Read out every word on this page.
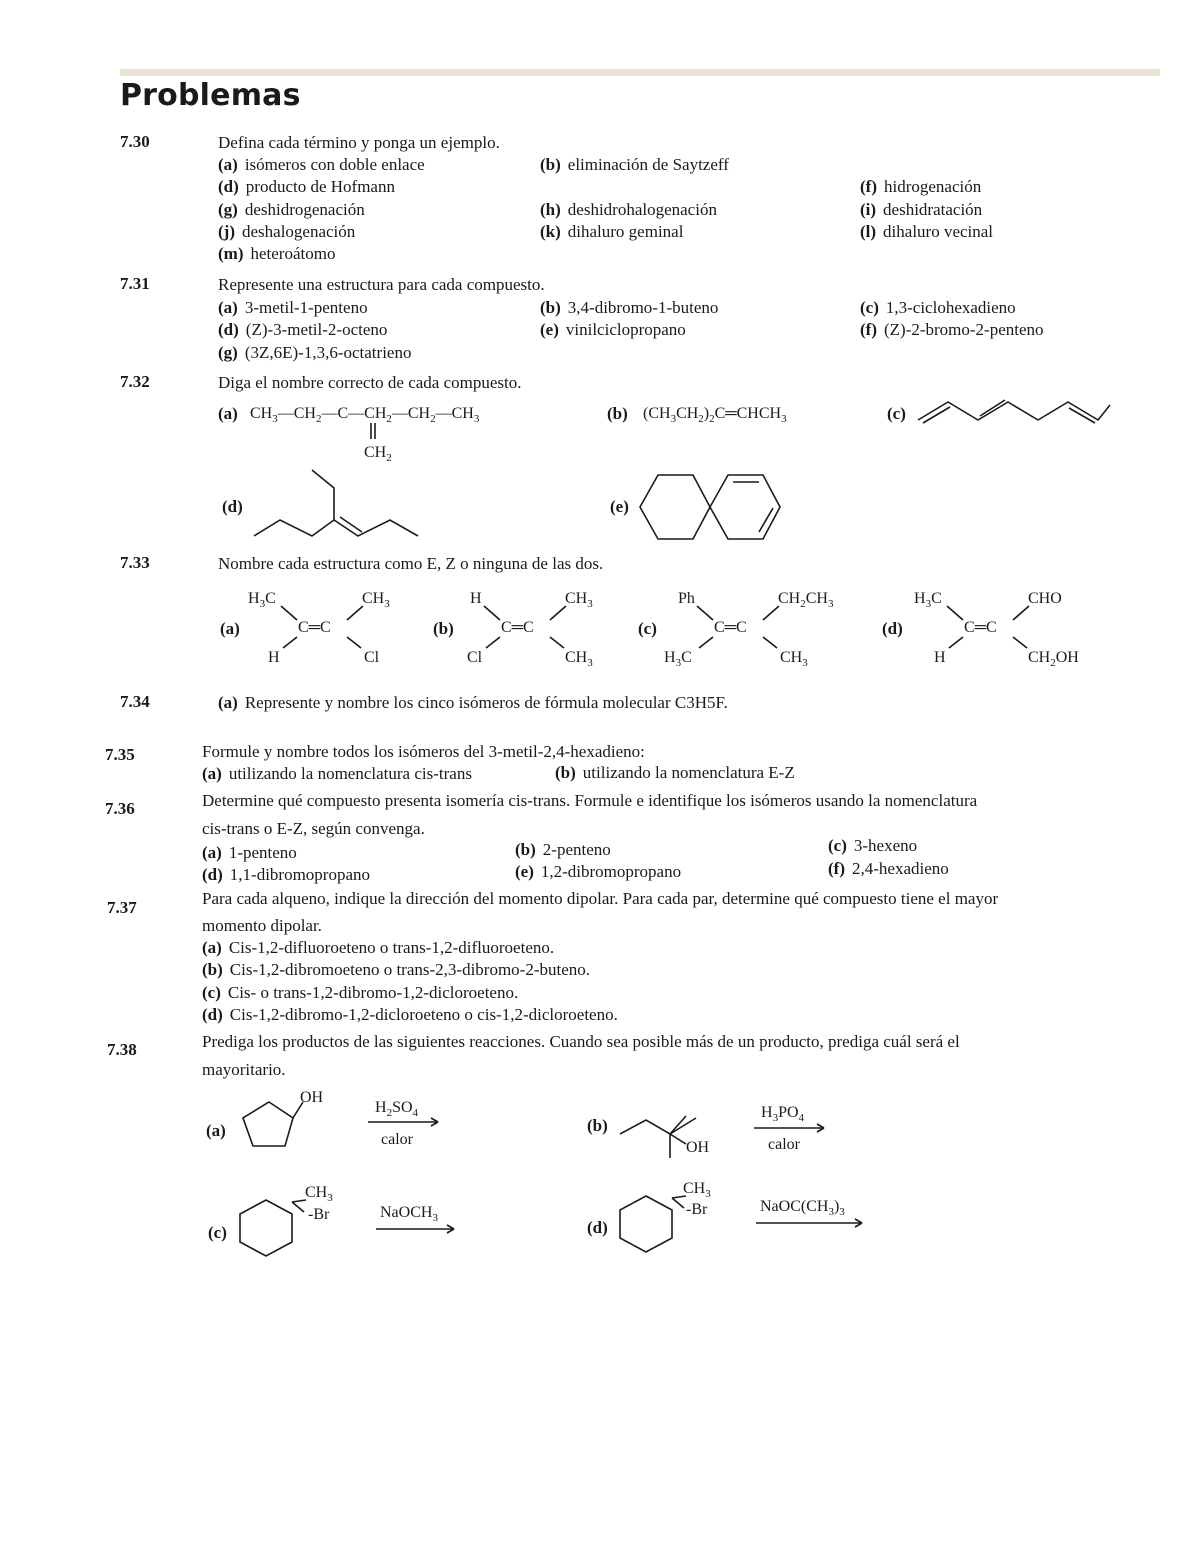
Problemas
7.30	Defina cada término y ponga un ejemplo.
(a) isómeros con doble enlace	(b) eliminación de Saytzeff
(d) producto de Hofmann	(f) hidrogenación
(g) deshidrogenación	(h) deshidrohalogenación	(i) deshidratación
(j) deshalogenación	(k) dihaluro geminal	(l) dihaluro vecinal
(m) heteroátomo
7.31	Represente una estructura para cada compuesto.
(a) 3-metil-1-penteno	(b) 3,4-dibromo-1-buteno	(c) 1,3-ciclohexadieno
(d) (Z)-3-metil-2-octeno	(e) vinilciclopropano	(f) (Z)-2-bromo-2-penteno
(g) (3Z,6E)-1,3,6-octatrieno
7.32	Diga el nombre correcto de cada compuesto.
(a) $CH_3—CH_2—C—CH_2—CH_2—CH_3$
$CH_2$
(b) $(CH_3CH_2)_2C═CHCH_3$	(c)
(d)	(e)
7.33	Nombre cada estructura como E, Z o ninguna de las dos.
(a)
$H_3C$	$CH_3$
C═C
H	Cl
(b)
H	$CH_3$
C═C
Cl	$CH_3$
(c)
Ph	$CH_2CH_3$
C═C
$H_3C$	$CH_3$
(d)
$H_3C$	CHO
C═C
H	$CH_2OH$
7.34	(a) Represente y nombre los cinco isómeros de fórmula molecular C3H5F.
7.35	Formule y nombre todos los isómeros del 3-metil-2,4-hexadieno:
(a) utilizando la nomenclatura cis-trans	(b) utilizando la nomenclatura E-Z
7.36	Determine qué compuesto presenta isomería cis-trans. Formule e identifique los isómeros usando la nomenclatura
cis-trans o E-Z, según convenga.
(a) 1-penteno	(b) 2-penteno	(c) 3-hexeno
(d) 1,1-dibromopropano	(e) 1,2-dibromopropano	(f) 2,4-hexadieno
7.37	Para cada alqueno, indique la dirección del momento dipolar. Para cada par, determine qué compuesto tiene el mayor
momento dipolar.
(a) Cis-1,2-difluoroeteno o trans-1,2-difluoroeteno.
(b) Cis-1,2-dibromoeteno o trans-2,3-dibromo-2-buteno.
(c) Cis- o trans-1,2-dibromo-1,2-dicloroeteno.
(d) Cis-1,2-dibromo-1,2-dicloroeteno o cis-1,2-dicloroeteno.
7.38	Prediga los productos de las siguientes reacciones. Cuando sea posible más de un producto, prediga cuál será el
mayoritario.
(a)
OH
$H_2SO_4$
calor
(b)
OH
$H_3PO_4$
calor
(c)
$CH_3$
-Br	NaOCH$_3$	(d)
$CH_3$
-Br	$NaOC(CH_3)_3$
